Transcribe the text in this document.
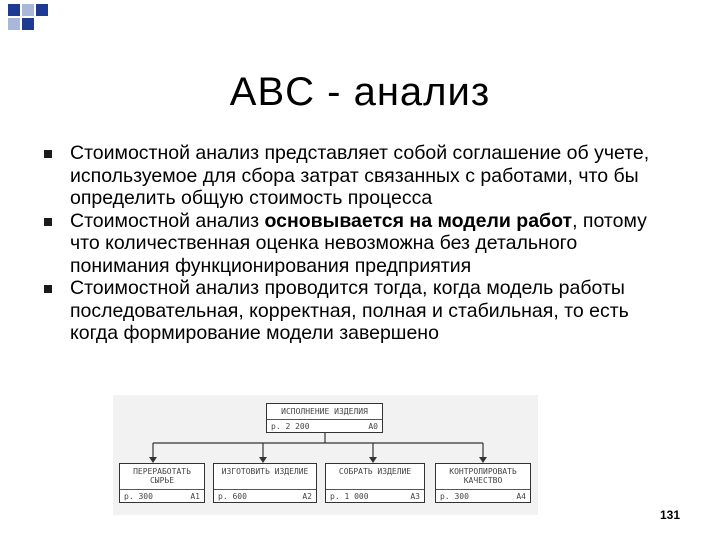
ABC - анализ
Стоимостной анализ представляет собой соглашение об учете, используемое для сбора затрат связанных с работами, что бы определить общую стоимость процесса
Стоимостной анализ основывается на модели работ, потому что количественная оценка невозможна без детального понимания функционирования предприятия
Стоимостной анализ проводится тогда, когда модель работы последовательная, корректная, полная и стабильная, то есть когда формирование модели завершено
ИСПОЛНЕНИЕ ИЗДЕЛИЯ
р. 2 200	А0
ПЕРЕРАБОТАТЬ СЫРЬЕ
р. 300	А1
ИЗГОТОВИТЬ ИЗДЕЛИЕ
р. 600	А2
СОБРАТЬ ИЗДЕЛИЕ
р. 1 000	А3
КОНТРОЛИРОВАТЬ КАЧЕСТВО
р. 300	А4
131
